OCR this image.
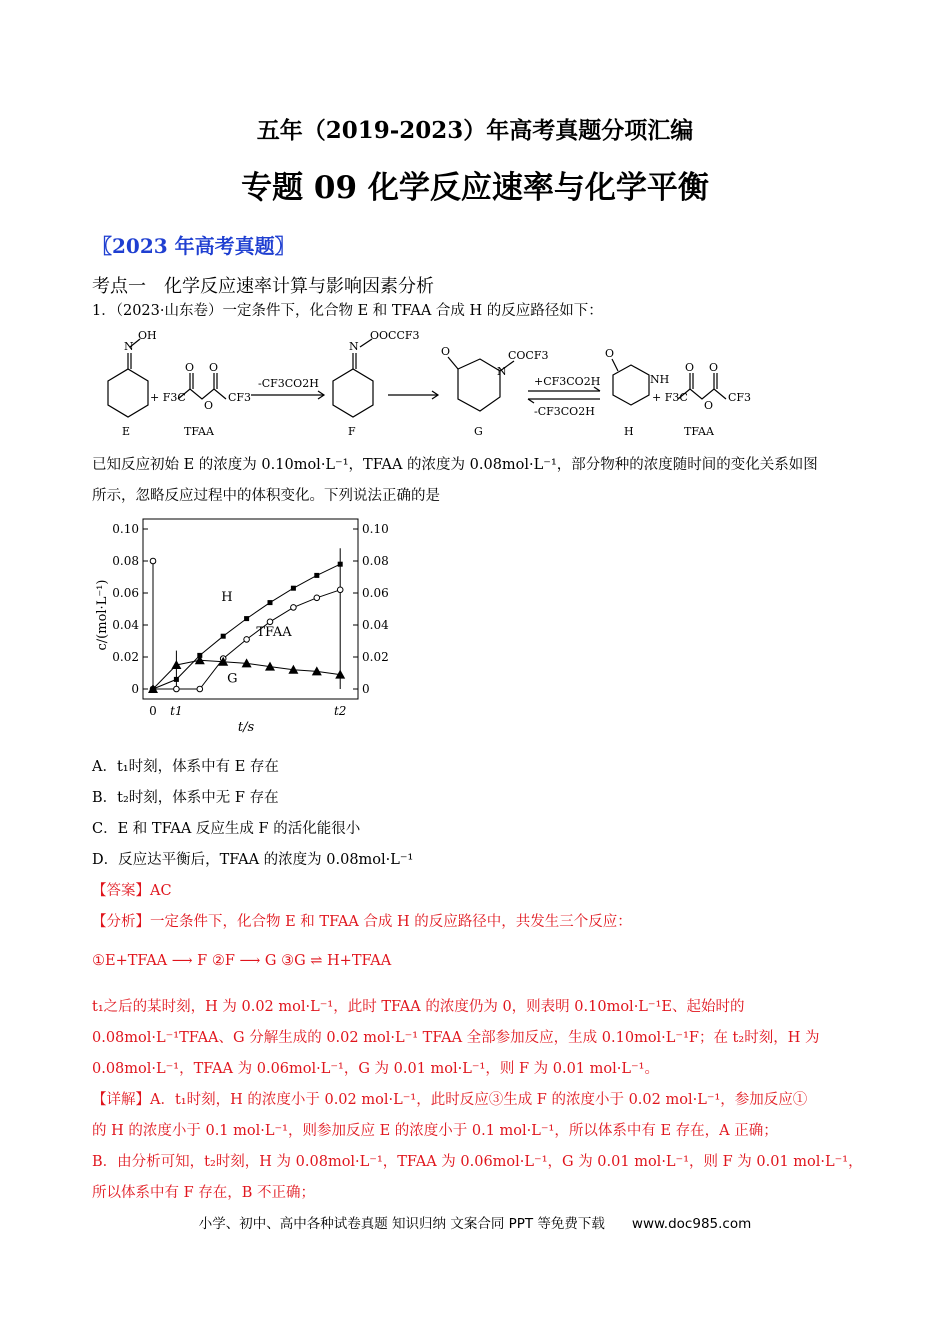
五年（2019-2023）年高考真题分项汇编
专题 09 化学反应速率与化学平衡
〖2023 年高考真题〗
考点一　化学反应速率计算与影响因素分析
1．（2023·山东卷）一定条件下，化合物 E 和 TFAA 合成 H 的反应路径如下：
N
OH
E
+ F3C
O O
O
CF3
TFAA
-CF3CO2H
N
OOCCF3
F
O
N
COCF3
G
+CF3CO2H
-CF3CO2H
O
NH
H
+ F3C
O O
O
CF3
TFAA
已知反应初始 E 的浓度为 0.10mol·L⁻¹，TFAA 的浓度为 0.08mol·L⁻¹，部分物种的浓度随时间的变化关系如图
所示，忽略反应过程中的体积变化。下列说法正确的是
0	0
0.02	0.02
0.04	0.04
0.06	0.06
0.08	0.08
0.10	0.10
0 t1	t2
H
TFAA
G
c/(mol·L⁻¹)
t/s
A．t₁时刻，体系中有 E 存在
B．t₂时刻，体系中无 F 存在
C．E 和 TFAA 反应生成 F 的活化能很小
D．反应达平衡后，TFAA 的浓度为 0.08mol·L⁻¹
【答案】AC
【分析】一定条件下，化合物 E 和 TFAA 合成 H 的反应路径中，共发生三个反应：
①E+TFAA ⟶ F ②F ⟶ G ③G ⇌ H+TFAA
t₁之后的某时刻，H 为 0.02 mol·L⁻¹，此时 TFAA 的浓度仍为 0，则表明 0.10mol·L⁻¹E、起始时的
0.08mol·L⁻¹TFAA、G 分解生成的 0.02 mol·L⁻¹ TFAA 全部参加反应，生成 0.10mol·L⁻¹F；在 t₂时刻，H 为
0.08mol·L⁻¹，TFAA 为 0.06mol·L⁻¹，G 为 0.01 mol·L⁻¹，则 F 为 0.01 mol·L⁻¹。
【详解】A．t₁时刻，H 的浓度小于 0.02 mol·L⁻¹，此时反应③生成 F 的浓度小于 0.02 mol·L⁻¹，参加反应①
的 H 的浓度小于 0.1 mol·L⁻¹，则参加反应 E 的浓度小于 0.1 mol·L⁻¹，所以体系中有 E 存在，A 正确；
B．由分析可知，t₂时刻，H 为 0.08mol·L⁻¹，TFAA 为 0.06mol·L⁻¹，G 为 0.01 mol·L⁻¹，则 F 为 0.01 mol·L⁻¹，
所以体系中有 F 存在，B 不正确；
小学、初中、高中各种试卷真题 知识归纳 文案合同 PPT 等免费下载　　www.doc985.com
